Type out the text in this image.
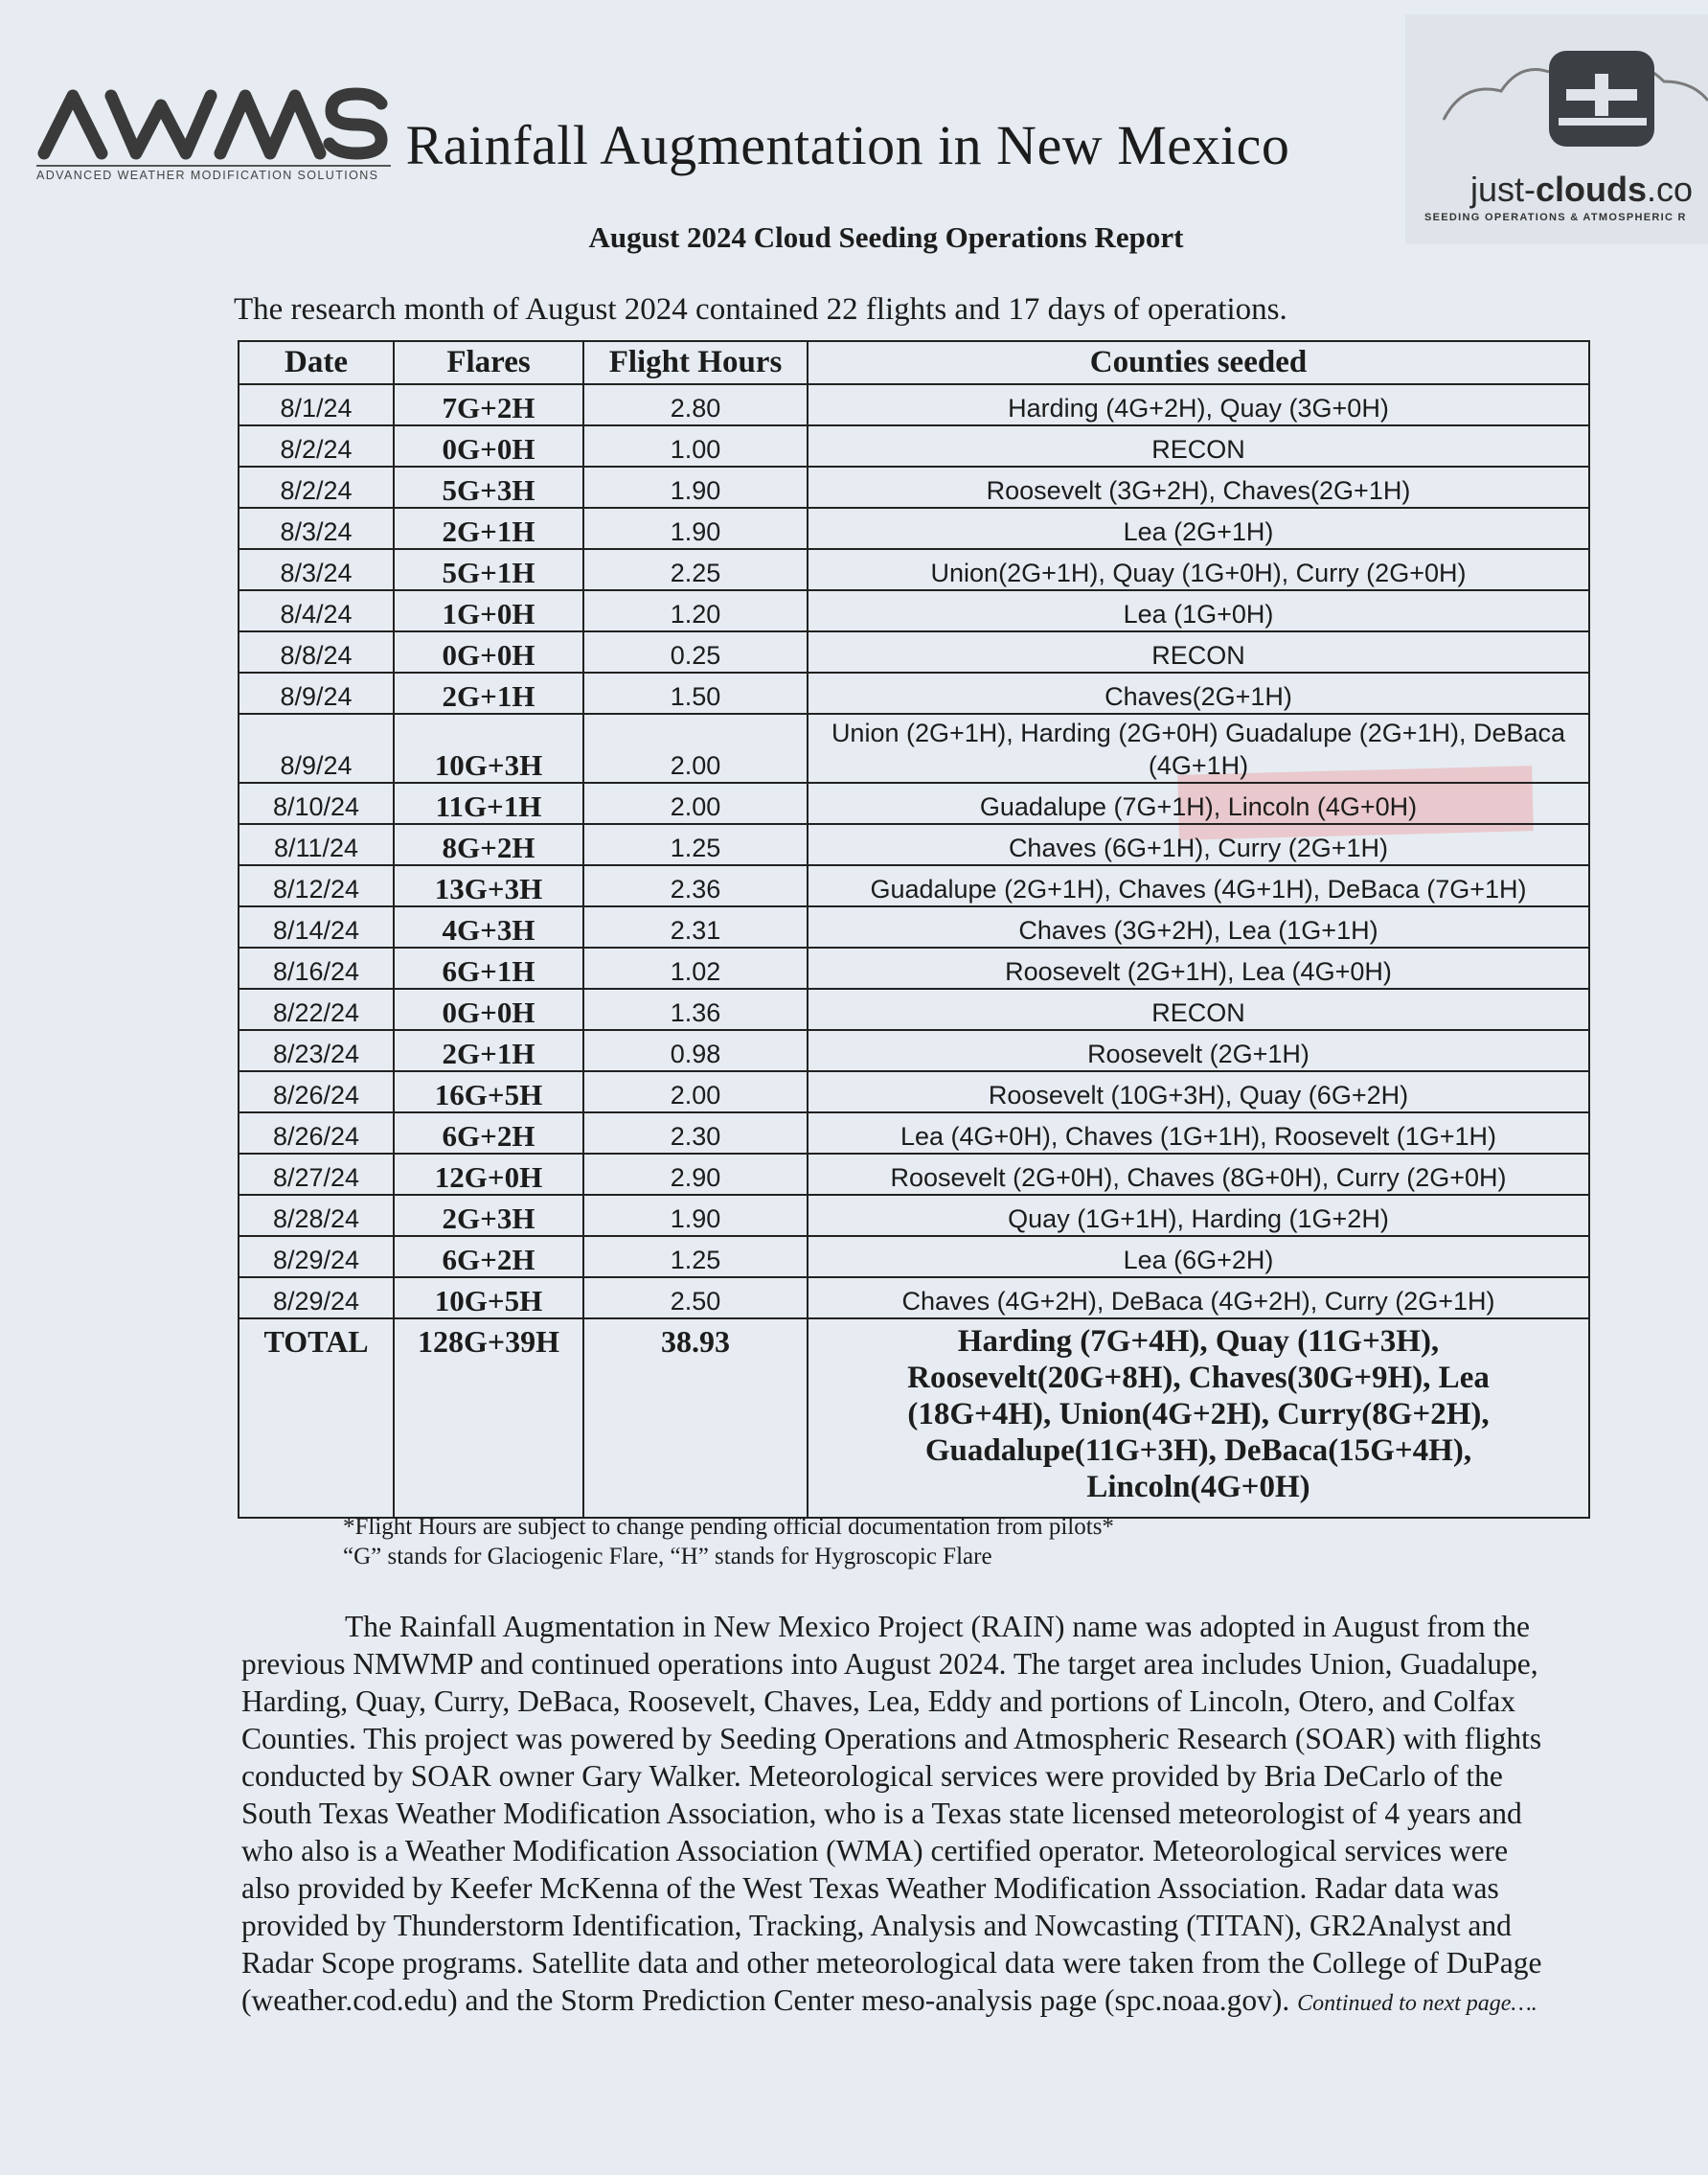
AWMS
ADVANCED WEATHER MODIFICATION SOLUTIONS	just-clouds.co
SEEDING OPERATIONS & ATMOSPHERIC R
Rainfall Augmentation in New Mexico
August 2024 Cloud Seeding Operations Report
The research month of August 2024 contained 22 flights and 17 days of operations.
Date	Flares	Flight Hours	Counties seeded
8/1/24	7G+2H	2.80	Harding (4G+2H), Quay (3G+0H)
8/2/24	0G+0H	1.00	RECON
8/2/24	5G+3H	1.90	Roosevelt (3G+2H), Chaves(2G+1H)
8/3/24	2G+1H	1.90	Lea (2G+1H)
8/3/24	5G+1H	2.25	Union(2G+1H), Quay (1G+0H), Curry (2G+0H)
8/4/24	1G+0H	1.20	Lea (1G+0H)
8/8/24	0G+0H	0.25	RECON
8/9/24	2G+1H	1.50	Chaves(2G+1H)
8/9/24	10G+3H	2.00	Union (2G+1H), Harding (2G+0H) Guadalupe (2G+1H), DeBaca (4G+1H)
8/10/24	11G+1H	2.00	Guadalupe (7G+1H), Lincoln (4G+0H)
8/11/24	8G+2H	1.25	Chaves (6G+1H), Curry (2G+1H)
8/12/24	13G+3H	2.36	Guadalupe (2G+1H), Chaves (4G+1H), DeBaca (7G+1H)
8/14/24	4G+3H	2.31	Chaves (3G+2H), Lea (1G+1H)
8/16/24	6G+1H	1.02	Roosevelt (2G+1H), Lea (4G+0H)
8/22/24	0G+0H	1.36	RECON
8/23/24	2G+1H	0.98	Roosevelt (2G+1H)
8/26/24	16G+5H	2.00	Roosevelt (10G+3H), Quay (6G+2H)
8/26/24	6G+2H	2.30	Lea (4G+0H), Chaves (1G+1H), Roosevelt (1G+1H)
8/27/24	12G+0H	2.90	Roosevelt (2G+0H), Chaves (8G+0H), Curry (2G+0H)
8/28/24	2G+3H	1.90	Quay (1G+1H), Harding (1G+2H)
8/29/24	6G+2H	1.25	Lea (6G+2H)
8/29/24	10G+5H	2.50	Chaves (4G+2H), DeBaca (4G+2H), Curry (2G+1H)
TOTAL	128G+39H	38.93	Harding (7G+4H), Quay (11G+3H), Roosevelt(20G+8H), Chaves(30G+9H), Lea (18G+4H), Union(4G+2H), Curry(8G+2H), Guadalupe(11G+3H), DeBaca(15G+4H), Lincoln(4G+0H)
*Flight Hours are subject to change pending official documentation from pilots*
“G” stands for Glaciogenic Flare, “H” stands for Hygroscopic Flare
The Rainfall Augmentation in New Mexico Project (RAIN) name was adopted in August from the previous NMWMP and continued operations into August 2024. The target area includes Union, Guadalupe, Harding, Quay, Curry, DeBaca, Roosevelt, Chaves, Lea, Eddy and portions of Lincoln, Otero, and Colfax Counties. This project was powered by Seeding Operations and Atmospheric Research (SOAR) with flights conducted by SOAR owner Gary Walker. Meteorological services were provided by Bria DeCarlo of the South Texas Weather Modification Association, who is a Texas state licensed meteorologist of 4 years and who also is a Weather Modification Association (WMA) certified operator. Meteorological services were also provided by Keefer McKenna of the West Texas Weather Modification Association. Radar data was provided by Thunderstorm Identification, Tracking, Analysis and Nowcasting (TITAN), GR2Analyst and Radar Scope programs. Satellite data and other meteorological data were taken from the College of DuPage (weather.cod.edu) and the Storm Prediction Center meso-analysis page (spc.noaa.gov). Continued to next page….
